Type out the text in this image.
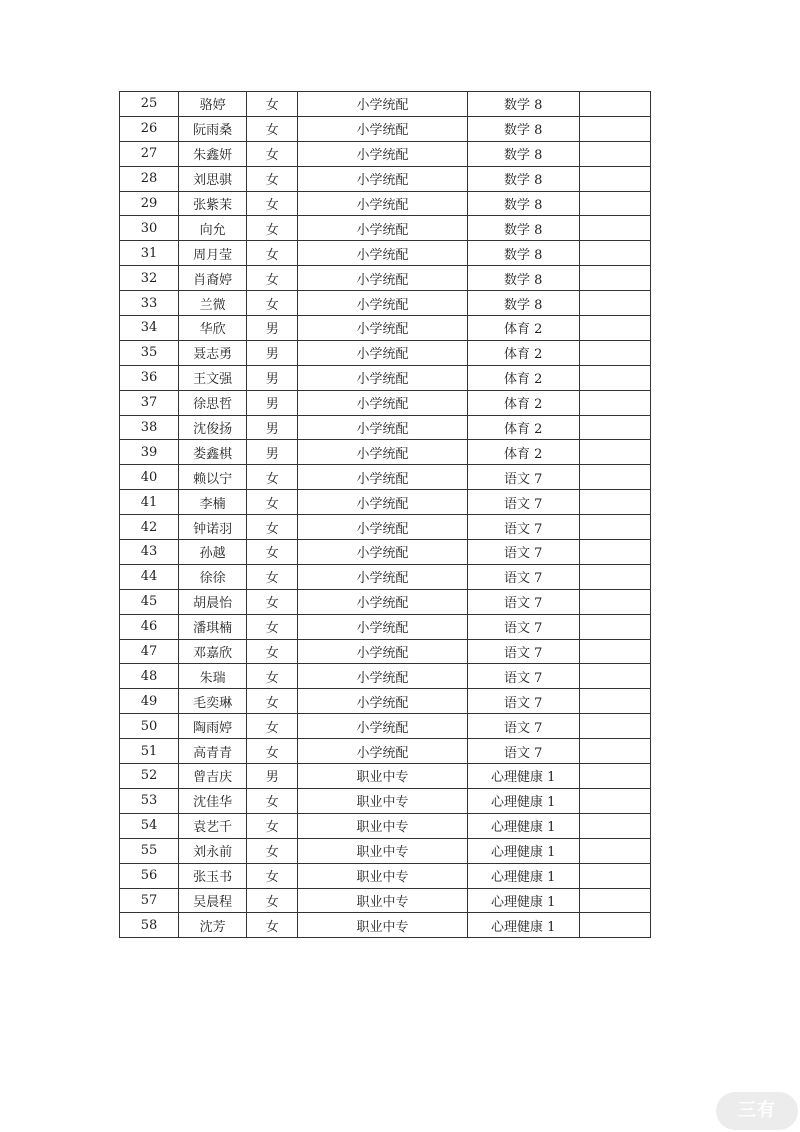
25	骆婷	女	小学统配	数学 8	
26	阮雨桑	女	小学统配	数学 8	
27	朱鑫妍	女	小学统配	数学 8	
28	刘思骐	女	小学统配	数学 8	
29	张紫茉	女	小学统配	数学 8	
30	向允	女	小学统配	数学 8	
31	周月莹	女	小学统配	数学 8	
32	肖裔婷	女	小学统配	数学 8	
33	兰微	女	小学统配	数学 8	
34	华欣	男	小学统配	体育 2	
35	聂志勇	男	小学统配	体育 2	
36	王文强	男	小学统配	体育 2	
37	徐思哲	男	小学统配	体育 2	
38	沈俊扬	男	小学统配	体育 2	
39	娄鑫棋	男	小学统配	体育 2	
40	赖以宁	女	小学统配	语文 7	
41	李楠	女	小学统配	语文 7	
42	钟诺羽	女	小学统配	语文 7	
43	孙越	女	小学统配	语文 7	
44	徐徐	女	小学统配	语文 7	
45	胡晨怡	女	小学统配	语文 7	
46	潘琪楠	女	小学统配	语文 7	
47	邓嘉欣	女	小学统配	语文 7	
48	朱瑞	女	小学统配	语文 7	
49	毛奕琳	女	小学统配	语文 7	
50	陶雨婷	女	小学统配	语文 7	
51	高青青	女	小学统配	语文 7	
52	曾吉庆	男	职业中专	心理健康 1	
53	沈佳华	女	职业中专	心理健康 1	
54	袁艺千	女	职业中专	心理健康 1	
55	刘永前	女	职业中专	心理健康 1	
56	张玉书	女	职业中专	心理健康 1	
57	吴晨程	女	职业中专	心理健康 1	
58	沈芳	女	职业中专	心理健康 1	
三有
